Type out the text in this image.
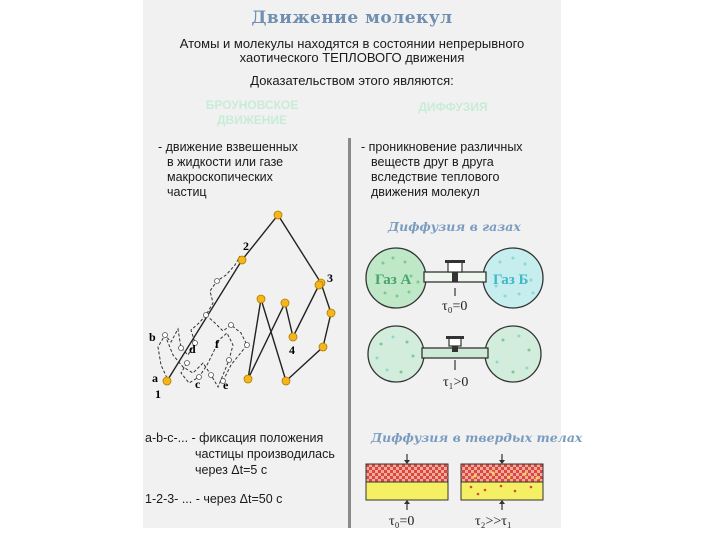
Движение молекул

Атомы и молекулы находятся в состоянии непрерывного

хаотического ТЕПЛОВОГО движения

Доказательством этого являются:

БРОУНОВСКОЕ

ДВИЖЕНИЕ

ДИФФУЗИЯ

- движение взвешенных

в жидкости или газе

макроскопических

частиц

1
2
3
4
a
b
c
d
e
f

a-b-c-... - фиксация положения

частицы производилась

через Δt=5 с

1-2-3- ... - через Δt=50 с

- проникновение различных

веществ друг в друга

вследствие теплового

движения молекул

Диффузия в газах

Газ А	Газ Б
τ₀=0
τ₁>0

Диффузия в твердых телах

τ₀=0	τ₂>>τ₁
